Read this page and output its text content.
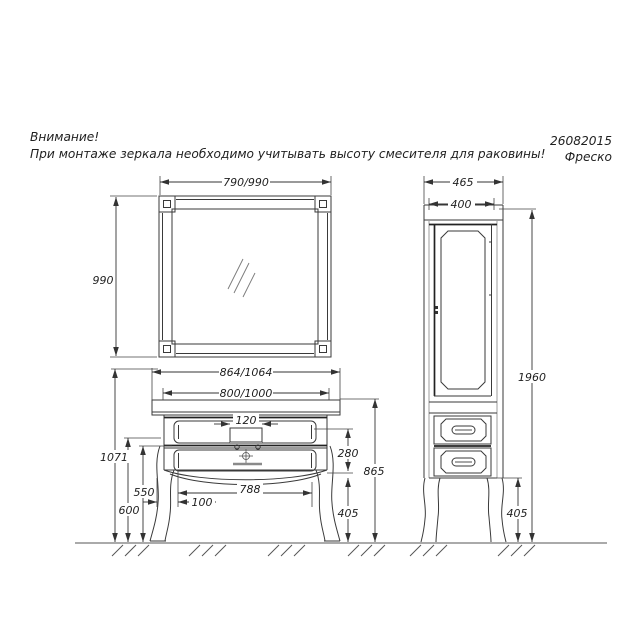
Внимание!
При монтаже зеркала необходимо учитывать высоту смесителя для раковины!
26082015
Фреско
790/990
990
864/1064
800/1000
120
788
100
1071
600
550
280
405
865
465
400
1960
405
